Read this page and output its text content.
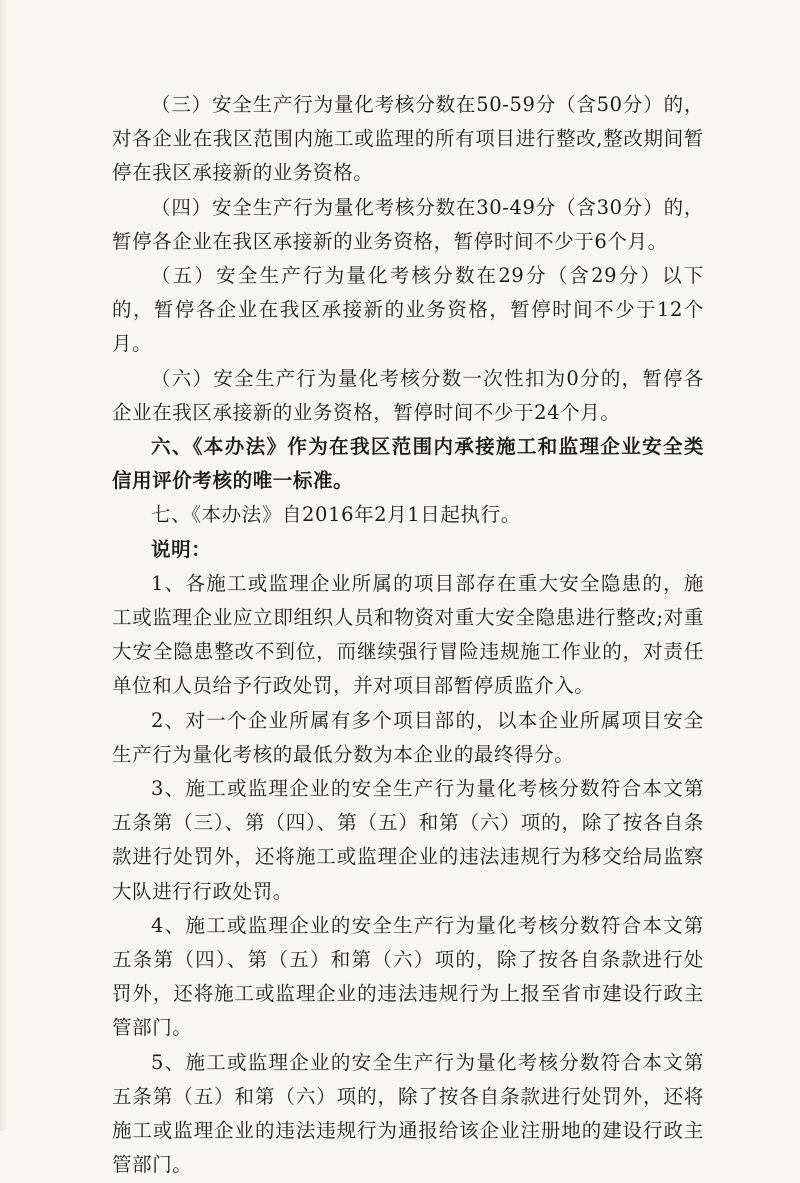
（三）安全生产行为量化考核分数在50-59分（含50分）的，对各企业在我区范围内施工或监理的所有项目进行整改,整改期间暂停在我区承接新的业务资格。

（四）安全生产行为量化考核分数在30-49分（含30分）的，暂停各企业在我区承接新的业务资格，暂停时间不少于6个月。

（五）安全生产行为量化考核分数在29分（含29分）以下的，暂停各企业在我区承接新的业务资格，暂停时间不少于12个月。

（六）安全生产行为量化考核分数一次性扣为0分的，暂停各企业在我区承接新的业务资格，暂停时间不少于24个月。

六、《本办法》作为在我区范围内承接施工和监理企业安全类信用评价考核的唯一标准。

七、《本办法》自2016年2月1日起执行。

说明：

1、各施工或监理企业所属的项目部存在重大安全隐患的，施工或监理企业应立即组织人员和物资对重大安全隐患进行整改;对重大安全隐患整改不到位，而继续强行冒险违规施工作业的，对责任单位和人员给予行政处罚，并对项目部暂停质监介入。

2、对一个企业所属有多个项目部的，以本企业所属项目安全生产行为量化考核的最低分数为本企业的最终得分。

3、施工或监理企业的安全生产行为量化考核分数符合本文第五条第（三）、第（四）、第（五）和第（六）项的，除了按各自条款进行处罚外，还将施工或监理企业的违法违规行为移交给局监察大队进行行政处罚。

4、施工或监理企业的安全生产行为量化考核分数符合本文第五条第（四）、第（五）和第（六）项的，除了按各自条款进行处罚外，还将施工或监理企业的违法违规行为上报至省市建设行政主管部门。

5、施工或监理企业的安全生产行为量化考核分数符合本文第五条第（五）和第（六）项的，除了按各自条款进行处罚外，还将施工或监理企业的违法违规行为通报给该企业注册地的建设行政主管部门。
